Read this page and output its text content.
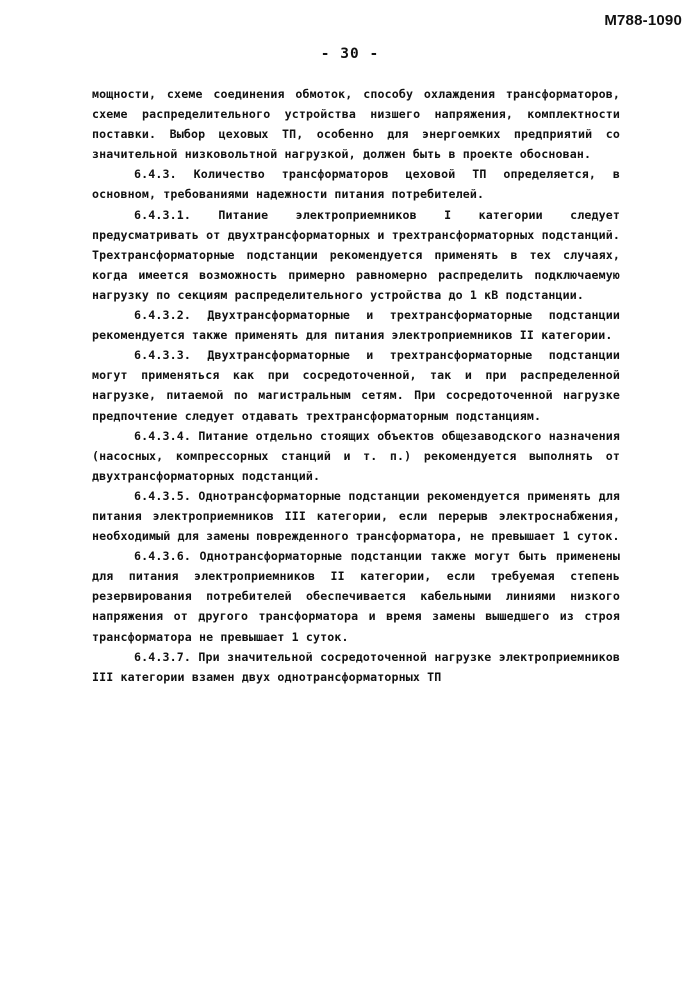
M788-1090
- 30 -

мощности, схеме соединения обмоток, способу охлаждения трансформаторов, схеме распределительного устройства низшего напряжения, комплектности поставки. Выбор цеховых ТП, особенно для энергоемких предприятий со значительной низковольтной нагрузкой, должен быть в проекте обоснован.

6.4.3. Количество трансформаторов цеховой ТП определяется, в основном, требованиями надежности питания потребителей.

6.4.3.1. Питание электроприемников I категории следует предусматривать от двухтрансформаторных и трехтрансформаторных подстанций. Трехтрансформаторные подстанции рекомендуется применять в тех случаях, когда имеется возможность примерно равномерно распределить подключаемую нагрузку по секциям распределительного устройства до 1 кВ подстанции.

6.4.3.2. Двухтрансформаторные и трехтрансформаторные подстанции рекомендуется также применять для питания электроприемников II категории.

6.4.3.3. Двухтрансформаторные и трехтрансформаторные подстанции могут применяться как при сосредоточенной, так и при распределенной нагрузке, питаемой по магистральным сетям. При сосредоточенной нагрузке предпочтение следует отдавать трехтрансформаторным подстанциям.

6.4.3.4. Питание отдельно стоящих объектов общезаводского назначения (насосных, компрессорных станций и т. п.) рекомендуется выполнять от двухтрансформаторных подстанций.

6.4.3.5. Однотрансформаторные подстанции рекомендуется применять для питания электроприемников III категории, если перерыв электроснабжения, необходимый для замены поврежденного трансформатора, не превышает 1 суток.

6.4.3.6. Однотрансформаторные подстанции также могут быть применены для питания электроприемников II категории, если требуемая степень резервирования потребителей обеспечивается кабельными линиями низкого напряжения от другого трансформатора и время замены вышедшего из строя трансформатора не превышает 1 суток.

6.4.3.7. При значительной сосредоточенной нагрузке электроприемников III категории взамен двух однотрансформаторных ТП
